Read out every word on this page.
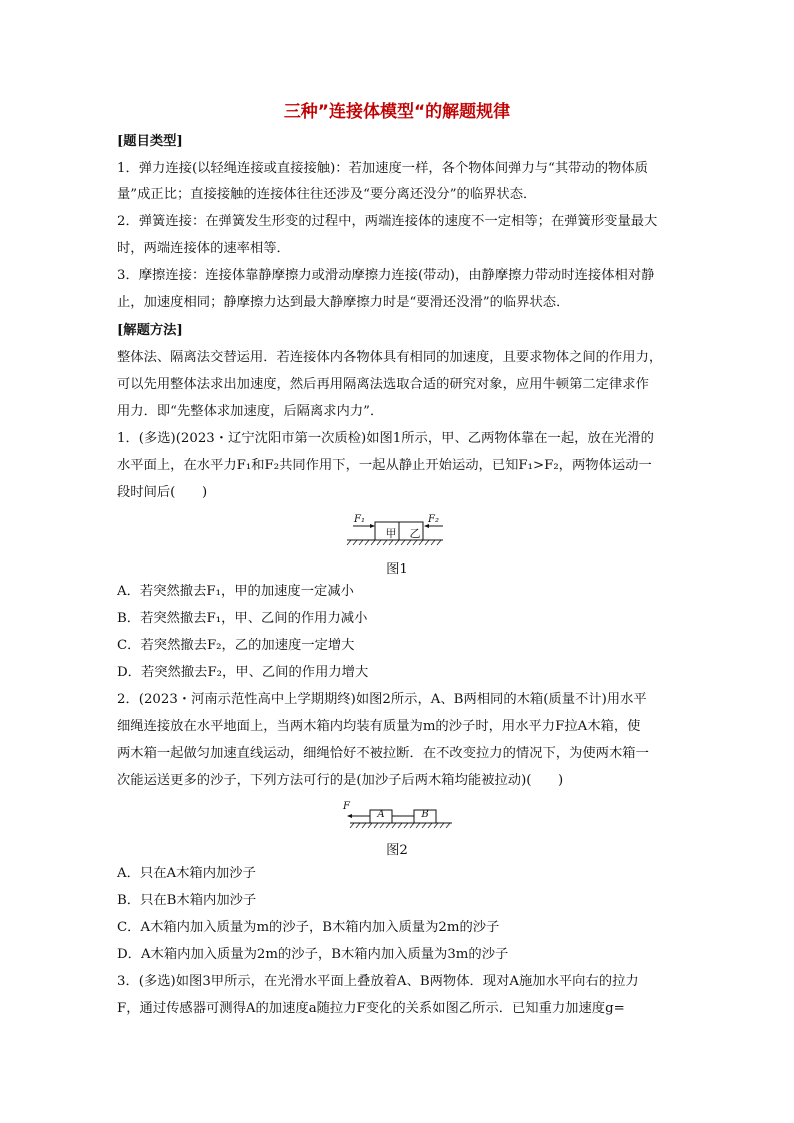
三种”连接体模型“的解题规律
[题目类型]
1．弹力连接(以轻绳连接或直接接触)：若加速度一样，各个物体间弹力与“其带动的物体质
量”成正比；直接接触的连接体往往还涉及“要分离还没分”的临界状态．
2．弹簧连接：在弹簧发生形变的过程中，两端连接体的速度不一定相等；在弹簧形变量最大
时，两端连接体的速率相等．
3．摩擦连接：连接体靠静摩擦力或滑动摩擦力连接(带动)，由静摩擦力带动时连接体相对静
止，加速度相同；静摩擦力达到最大静摩擦力时是“要滑还没滑”的临界状态．
[解题方法]
整体法、隔离法交替运用．若连接体内各物体具有相同的加速度，且要求物体之间的作用力，
可以先用整体法求出加速度，然后再用隔离法选取合适的研究对象，应用牛顿第二定律求作
用力．即“先整体求加速度，后隔离求内力”．
1．(多选)(2023・辽宁沈阳市第一次质检)如图1所示，甲、乙两物体靠在一起，放在光滑的
水平面上，在水平力F₁和F₂共同作用下，一起从静止开始运动，已知F₁>F₂，两物体运动一
段时间后(　　)
F₁
甲	乙
F₂
图1
A．若突然撤去F₁，甲的加速度一定减小
B．若突然撤去F₁，甲、乙间的作用力减小
C．若突然撤去F₂，乙的加速度一定增大
D．若突然撤去F₂，甲、乙间的作用力增大
2．(2023・河南示范性高中上学期期终)如图2所示，A、B两相同的木箱(质量不计)用水平
细绳连接放在水平地面上，当两木箱内均装有质量为m的沙子时，用水平力F拉A木箱，使
两木箱一起做匀加速直线运动，细绳恰好不被拉断．在不改变拉力的情况下，为使两木箱一
次能运送更多的沙子，下列方法可行的是(加沙子后两木箱均能被拉动)(　　)
F
A	B
图2
A．只在A木箱内加沙子
B．只在B木箱内加沙子
C．A木箱内加入质量为m的沙子，B木箱内加入质量为2m的沙子
D．A木箱内加入质量为2m的沙子，B木箱内加入质量为3m的沙子
3．(多选)如图3甲所示，在光滑水平面上叠放着A、B两物体．现对A施加水平向右的拉力
F，通过传感器可测得A的加速度a随拉力F变化的关系如图乙所示．已知重力加速度g=
